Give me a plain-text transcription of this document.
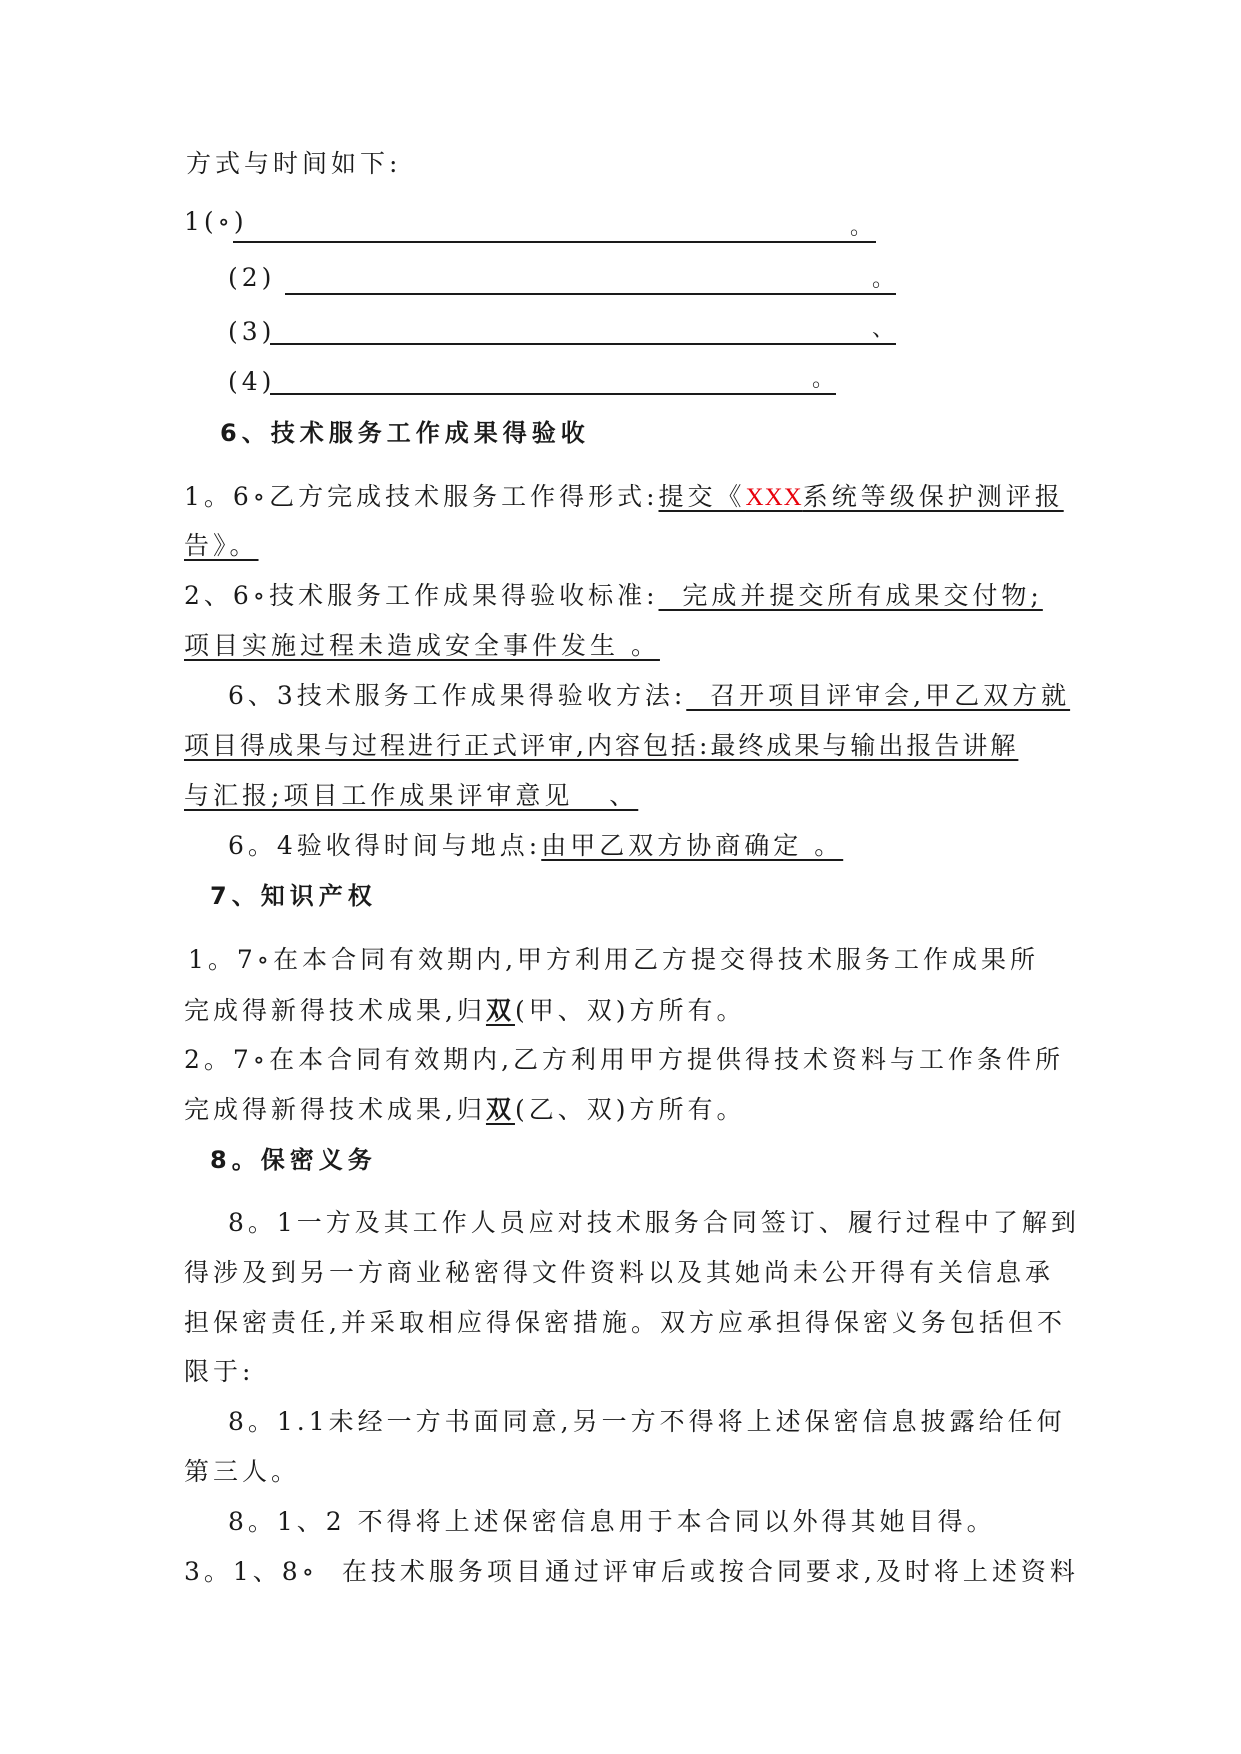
方式与时间如下:
1(∘)	。
(2)	。
(3)	、
(4)	。
6、技术服务工作成果得验收
1。6∘乙方完成技术服务工作得形式:提交《XXX系统等级保护测评报
告》。
2、6∘技术服务工作成果得验收标准:  完成并提交所有成果交付物;
项目实施过程未造成安全事件发生 。
6、3技术服务工作成果得验收方法:  召开项目评审会,甲乙双方就
项目得成果与过程进行正式评审,内容包括:最终成果与输出报告讲解
与汇报;项目工作成果评审意见   、
6。4验收得时间与地点:由甲乙双方协商确定 。
7、知识产权
1。7∘在本合同有效期内,甲方利用乙方提交得技术服务工作成果所
完成得新得技术成果,归双(甲、双)方所有。
2。7∘在本合同有效期内,乙方利用甲方提供得技术资料与工作条件所
完成得新得技术成果,归双(乙、双)方所有。
8。保密义务
8。1一方及其工作人员应对技术服务合同签订、履行过程中了解到
得涉及到另一方商业秘密得文件资料以及其她尚未公开得有关信息承
担保密责任,并采取相应得保密措施。双方应承担得保密义务包括但不
限于:
8。1.1未经一方书面同意,另一方不得将上述保密信息披露给任何
第三人。
8。1、2 不得将上述保密信息用于本合同以外得其她目得。
3。1、8∘  在技术服务项目通过评审后或按合同要求,及时将上述资料
